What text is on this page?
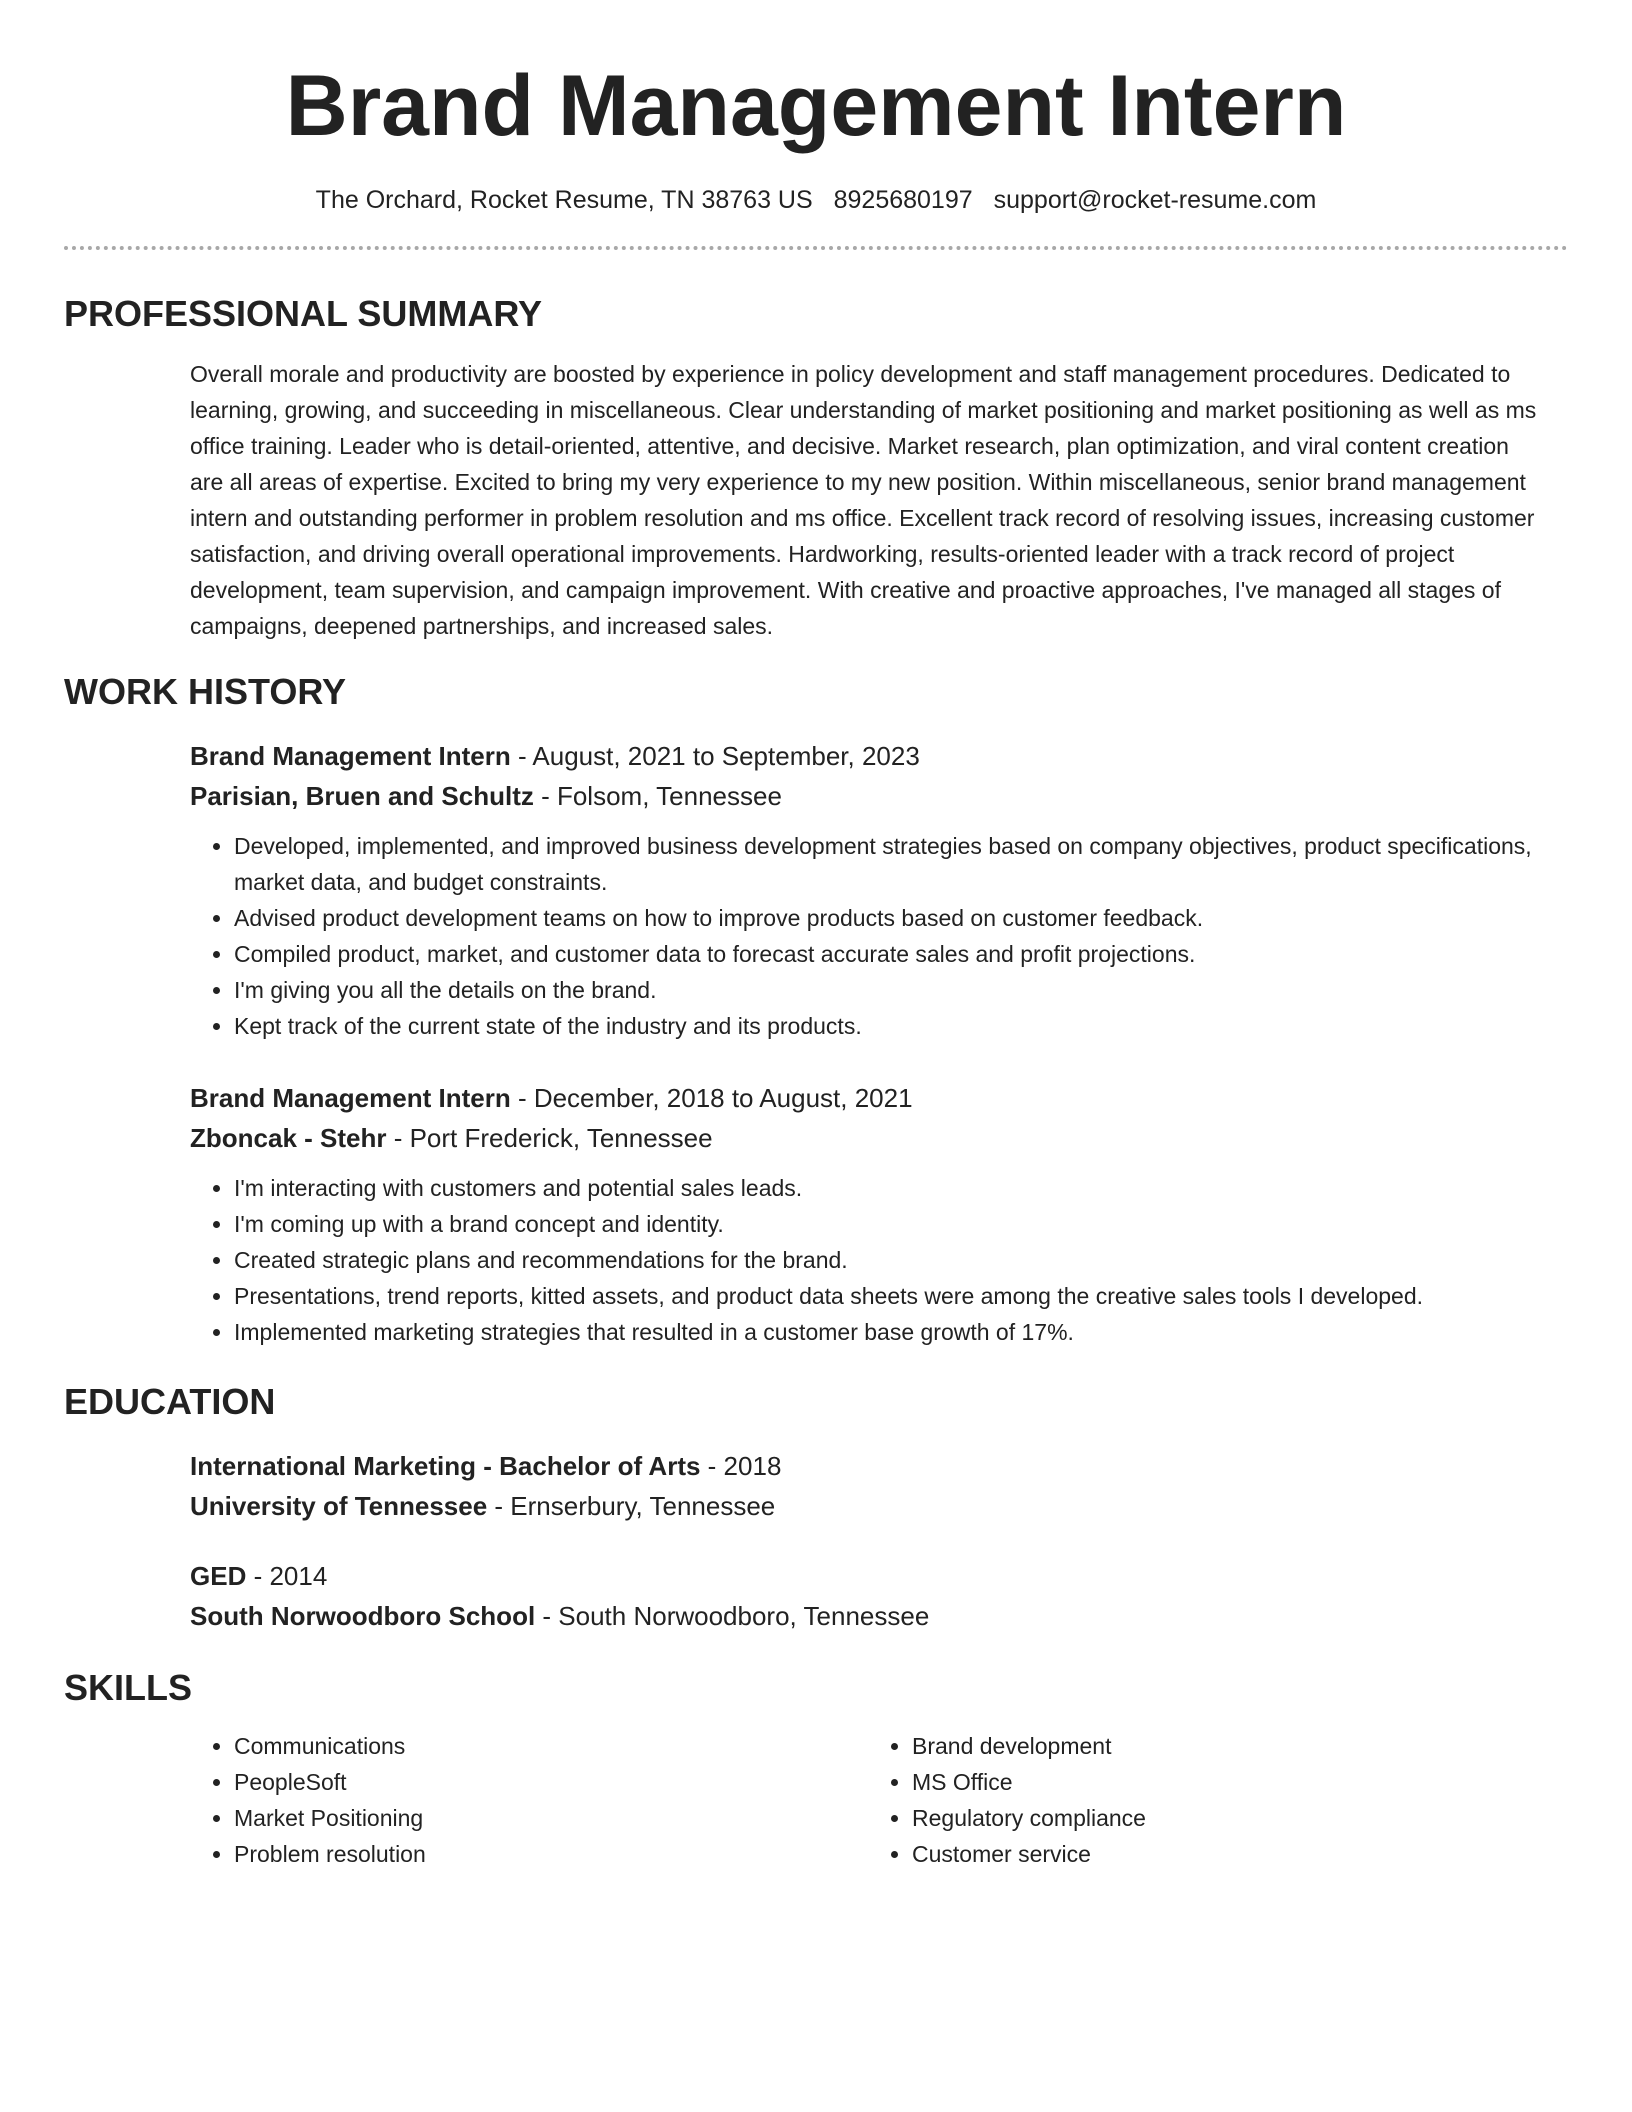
Brand Management Intern
The Orchard, Rocket Resume, TN 38763 US 8925680197 support@rocket-resume.com
PROFESSIONAL SUMMARY
Overall morale and productivity are boosted by experience in policy development and staff management procedures. Dedicated to learning, growing, and succeeding in miscellaneous. Clear understanding of market positioning and market positioning as well as ms office training. Leader who is detail-oriented, attentive, and decisive. Market research, plan optimization, and viral content creation are all areas of expertise. Excited to bring my very experience to my new position. Within miscellaneous, senior brand management intern and outstanding performer in problem resolution and ms office. Excellent track record of resolving issues, increasing customer satisfaction, and driving overall operational improvements. Hardworking, results-oriented leader with a track record of project development, team supervision, and campaign improvement. With creative and proactive approaches, I've managed all stages of campaigns, deepened partnerships, and increased sales.
WORK HISTORY
Brand Management Intern - August, 2021 to September, 2023
Parisian, Bruen and Schultz - Folsom, Tennessee
• Developed, implemented, and improved business development strategies based on company objectives, product specifications, market data, and budget constraints.
• Advised product development teams on how to improve products based on customer feedback.
• Compiled product, market, and customer data to forecast accurate sales and profit projections.
• I'm giving you all the details on the brand.
• Kept track of the current state of the industry and its products.
Brand Management Intern - December, 2018 to August, 2021
Zboncak - Stehr - Port Frederick, Tennessee
• I'm interacting with customers and potential sales leads.
• I'm coming up with a brand concept and identity.
• Created strategic plans and recommendations for the brand.
• Presentations, trend reports, kitted assets, and product data sheets were among the creative sales tools I developed.
• Implemented marketing strategies that resulted in a customer base growth of 17%.
EDUCATION
International Marketing - Bachelor of Arts - 2018
University of Tennessee - Ernserbury, Tennessee
GED - 2014
South Norwoodboro School - South Norwoodboro, Tennessee
SKILLS
• Communications
• PeopleSoft
• Market Positioning
• Problem resolution
• Brand development
• MS Office
• Regulatory compliance
• Customer service
